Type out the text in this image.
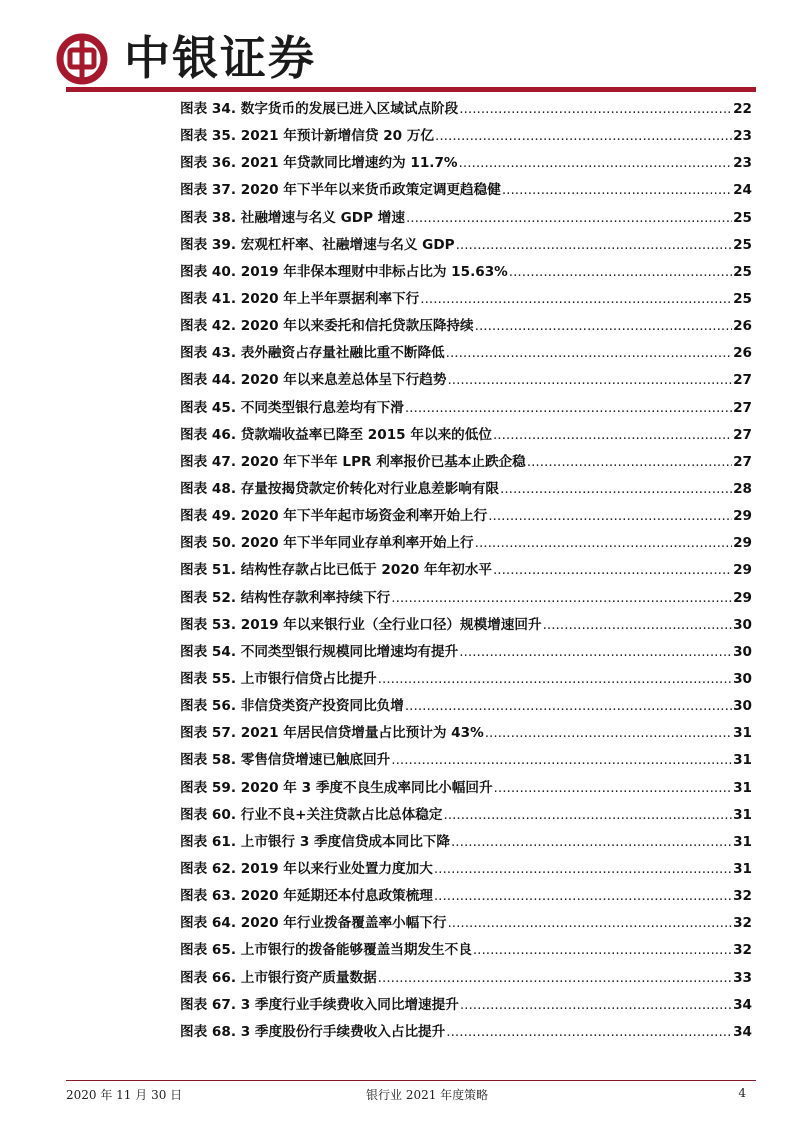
中银证券
图表 34. 数字货币的发展已进入区域试点阶段 .....	22
图表 35. 2021 年预计新增信贷 20 万亿 .....	23
图表 36. 2021 年贷款同比增速约为 11.7% .....	23
图表 37. 2020 年下半年以来货币政策定调更趋稳健 .....	24
图表 38. 社融增速与名义 GDP 增速 .....	25
图表 39. 宏观杠杆率、社融增速与名义 GDP .....	25
图表 40. 2019 年非保本理财中非标占比为 15.63% .....	25
图表 41. 2020 年上半年票据利率下行 .....	25
图表 42. 2020 年以来委托和信托贷款压降持续 .....	26
图表 43. 表外融资占存量社融比重不断降低 .....	26
图表 44. 2020 年以来息差总体呈下行趋势 .....	27
图表 45. 不同类型银行息差均有下滑 .....	27
图表 46. 贷款端收益率已降至 2015 年以来的低位 .....	27
图表 47. 2020 年下半年 LPR 利率报价已基本止跌企稳 .....	27
图表 48. 存量按揭贷款定价转化对行业息差影响有限 .....	28
图表 49. 2020 年下半年起市场资金利率开始上行 .....	29
图表 50. 2020 年下半年同业存单利率开始上行 .....	29
图表 51. 结构性存款占比已低于 2020 年年初水平 .....	29
图表 52. 结构性存款利率持续下行 .....	29
图表 53. 2019 年以来银行业（全行业口径）规模增速回升 .....	30
图表 54. 不同类型银行规模同比增速均有提升 .....	30
图表 55. 上市银行信贷占比提升 .....	30
图表 56. 非信贷类资产投资同比负增 .....	30
图表 57. 2021 年居民信贷增量占比预计为 43% .....	31
图表 58. 零售信贷增速已触底回升 .....	31
图表 59. 2020 年 3 季度不良生成率同比小幅回升 .....	31
图表 60. 行业不良+关注贷款占比总体稳定 .....	31
图表 61. 上市银行 3 季度信贷成本同比下降 .....	31
图表 62. 2019 年以来行业处置力度加大 .....	31
图表 63. 2020 年延期还本付息政策梳理 .....	32
图表 64. 2020 年行业拨备覆盖率小幅下行 .....	32
图表 65. 上市银行的拨备能够覆盖当期发生不良 .....	32
图表 66. 上市银行资产质量数据 .....	33
图表 67. 3 季度行业手续费收入同比增速提升 .....	34
图表 68. 3 季度股份行手续费收入占比提升 .....	34
2020 年 11 月 30 日	银行业 2021 年度策略	4
